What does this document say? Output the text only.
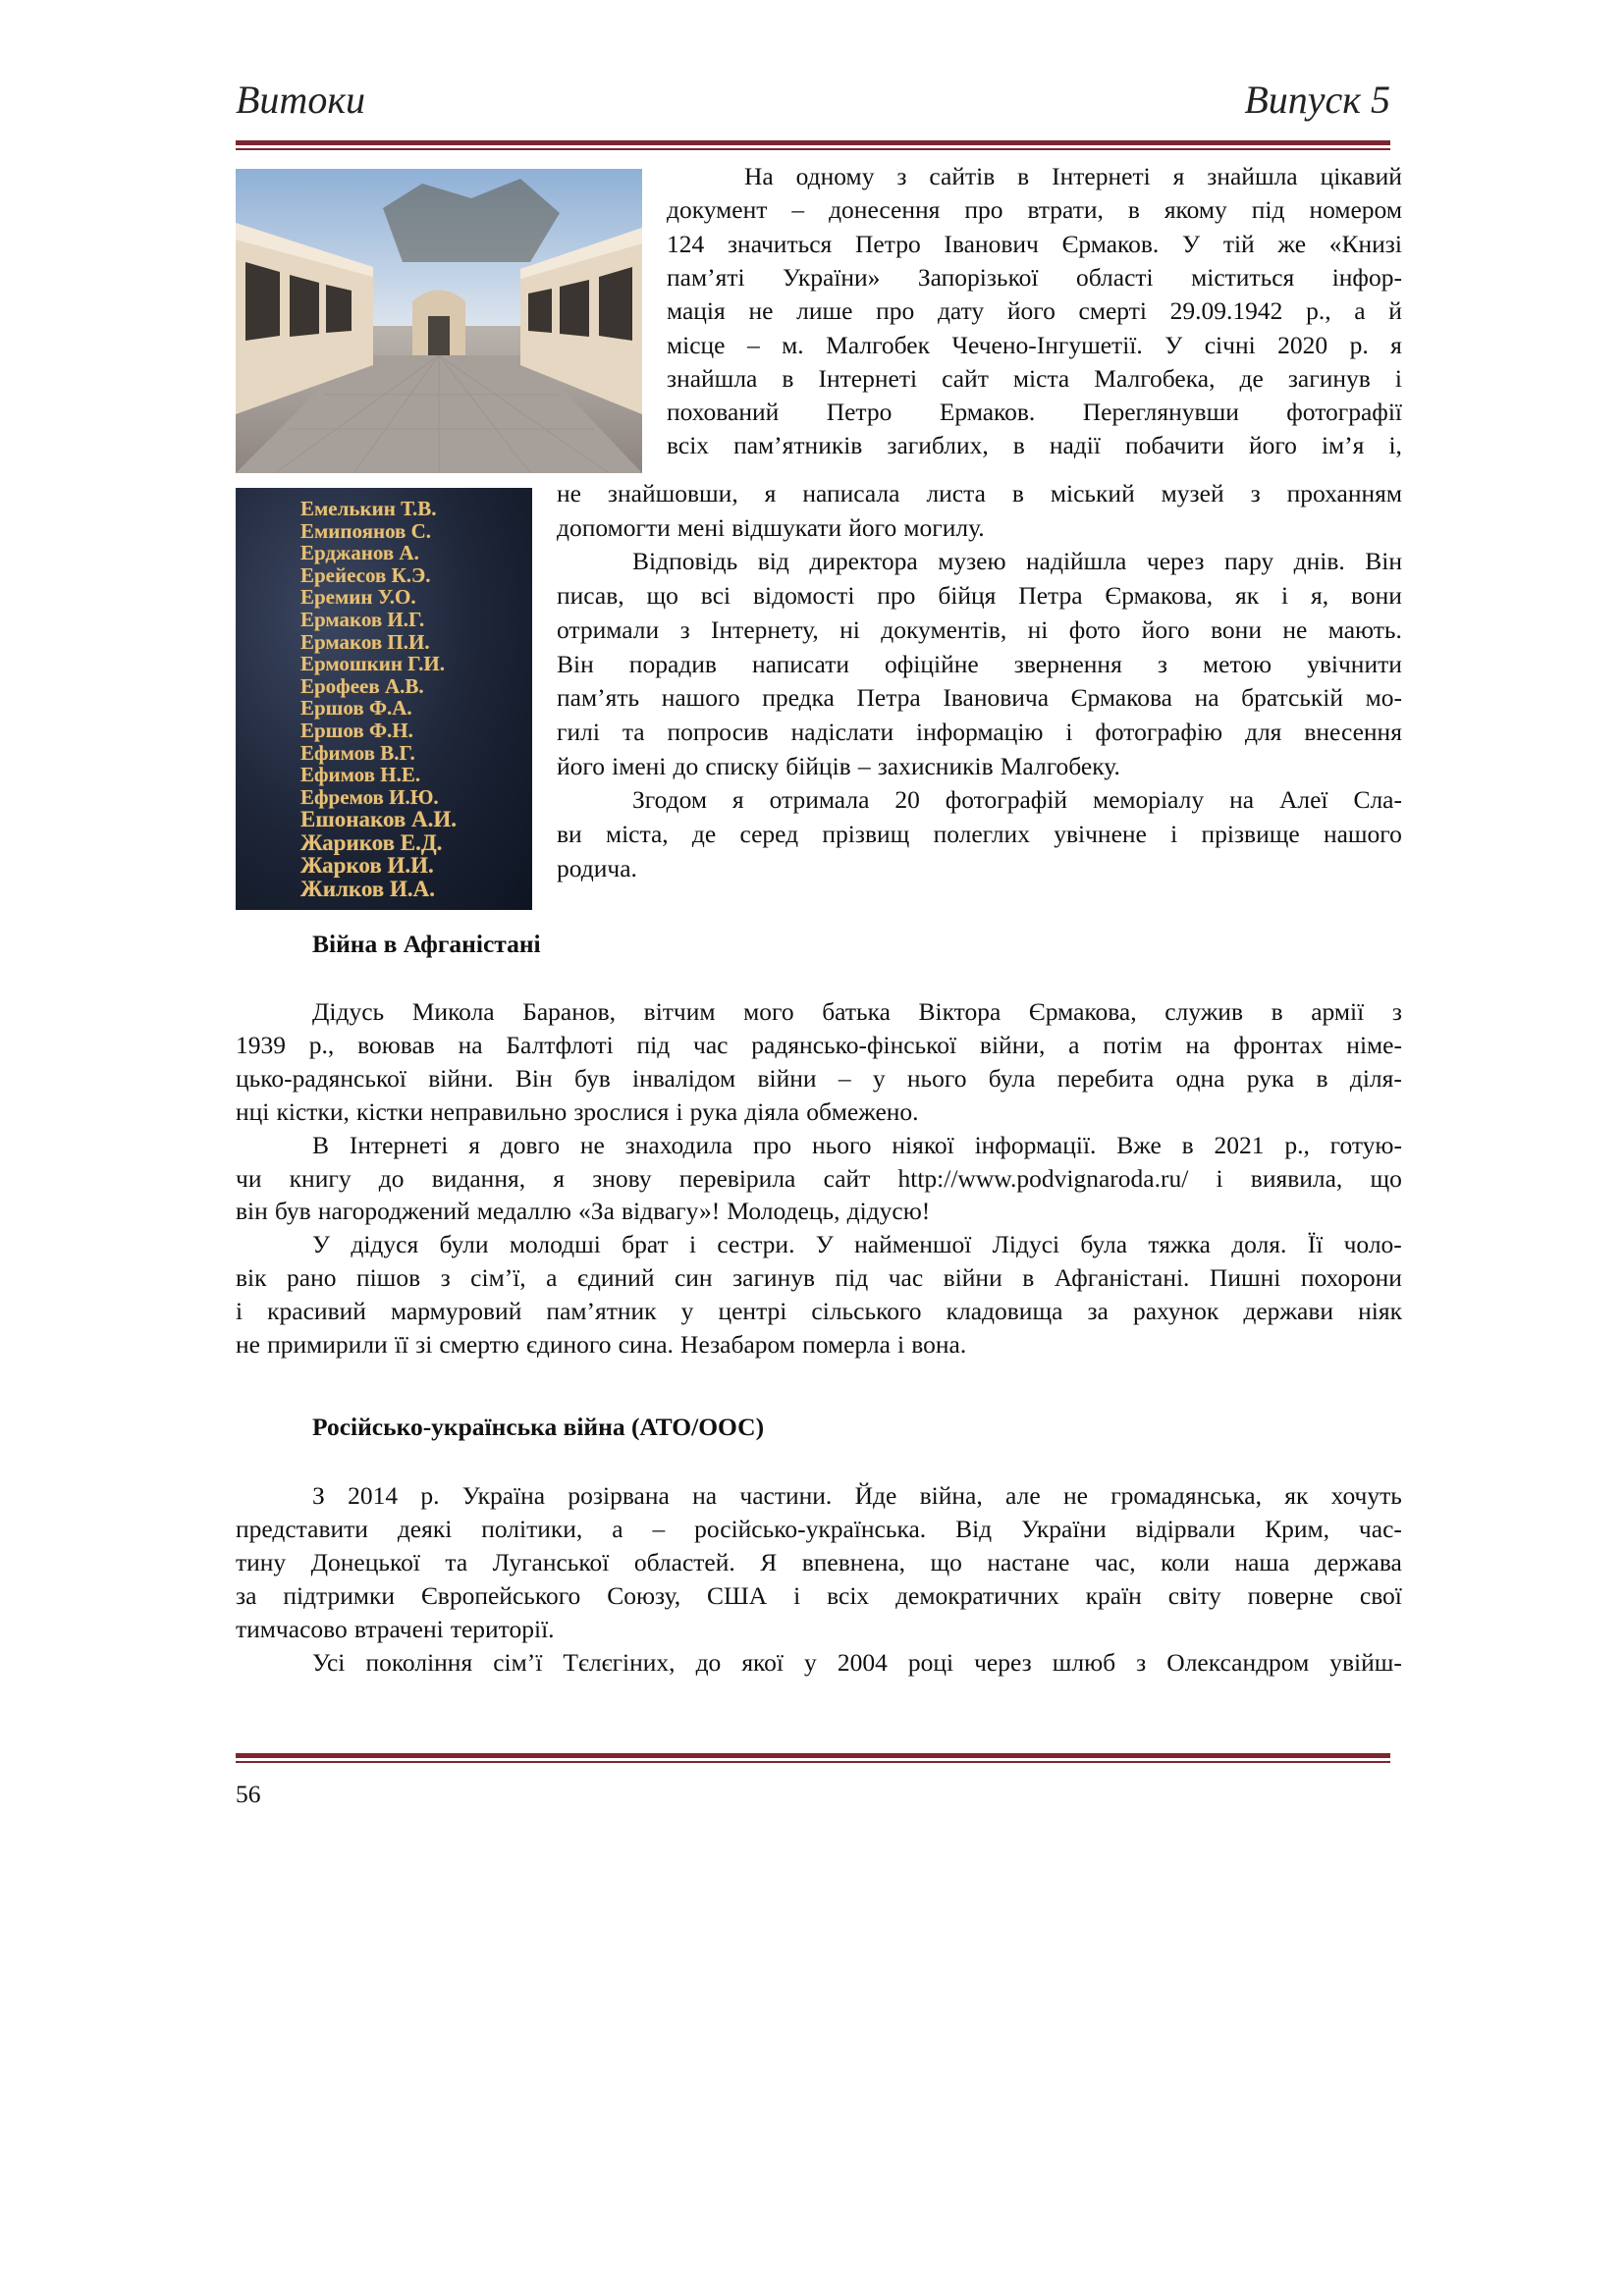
Витоки	Випуск 5
Емелькин Т.В.
Емипоянов С.
Ерджанов А.
Ерейесов К.Э.
Еремин У.О.
Ермаков И.Г.
Ермаков П.И.
Ермошкин Г.И.
Ерофеев А.В.
Ершов Ф.А.
Ершов Ф.Н.
Ефимов В.Г.
Ефимов Н.Е.
Ефремов И.Ю.
Ешонаков А.И.
Жариков Е.Д.
Жарков И.И.
Жилков И.А.
На одному з сайтів в Інтернеті я знайшла цікавий
документ – донесення про втрати, в якому під номером
124 значиться Петро Іванович Єрмаков. У тій же «Книзі
пам’яті України» Запорізької області міститься інфор-
мація не лише про дату його смерті 29.09.1942 р., а й
місце – м. Малгобек Чечено-Інгушетії. У січні 2020 р. я
знайшла в Інтернеті сайт міста Малгобека, де загинув і
похований Петро Ермаков. Переглянувши фотографії
всіх пам’ятників загиблих, в надії побачити його ім’я і,
не знайшовши, я написала листа в міський музей з проханням
допомогти мені відшукати його могилу.
Відповідь від директора музею надійшла через пару днів. Він
писав, що всі відомості про бійця Петра Єрмакова, як і я, вони
отримали з Інтернету, ні документів, ні фото його вони не мають.
Він порадив написати офіційне звернення з метою увічнити
пам’ять нашого предка Петра Івановича Єрмакова на братській мо-
гилі та попросив надіслати інформацію і фотографію для внесення
його імені до списку бійців – захисників Малгобеку.
Згодом я отримала 20 фотографій меморіалу на Алеї Сла-
ви міста, де серед прізвищ полеглих увічнене і прізвище нашого
родича.
Війна в Афганістані
Дідусь Микола Баранов, вітчим мого батька Віктора Єрмакова, служив в армії з
1939 р., воював на Балтфлоті під час радянсько-фінської війни, а потім на фронтах німе-
цько-радянської війни. Він був інвалідом війни – у нього була перебита одна рука в діля-
нці кістки, кістки неправильно зрослися і рука діяла обмежено.
В Інтернеті я довго не знаходила про нього ніякої інформації. Вже в 2021 р., готую-
чи книгу до видання, я знову перевірила сайт http://www.podvignaroda.ru/ і виявила, що
він був нагороджений медаллю «За відвагу»! Молодець, дідусю!
У дідуся були молодші брат і сестри. У найменшої Лідусі була тяжка доля. Її чоло-
вік рано пішов з сім’ї, а єдиний син загинув під час війни в Афганістані. Пишні похорони
і красивий мармуровий пам’ятник у центрі сільського кладовища за рахунок держави ніяк
не примирили її зі смертю єдиного сина. Незабаром померла і вона.
Російсько-українська війна (АТО/ООС)
З 2014 р. Україна розірвана на частини. Йде війна, але не громадянська, як хочуть
представити деякі політики, а – російсько-українська. Від України відірвали Крим, час-
тину Донецької та Луганської областей. Я впевнена, що настане час, коли наша держава
за підтримки Європейського Союзу, США і всіх демократичних країн світу поверне свої
тимчасово втрачені території.
Усі покоління сім’ї Тєлєгіних, до якої у 2004 році через шлюб з Олександром увійш-
56
